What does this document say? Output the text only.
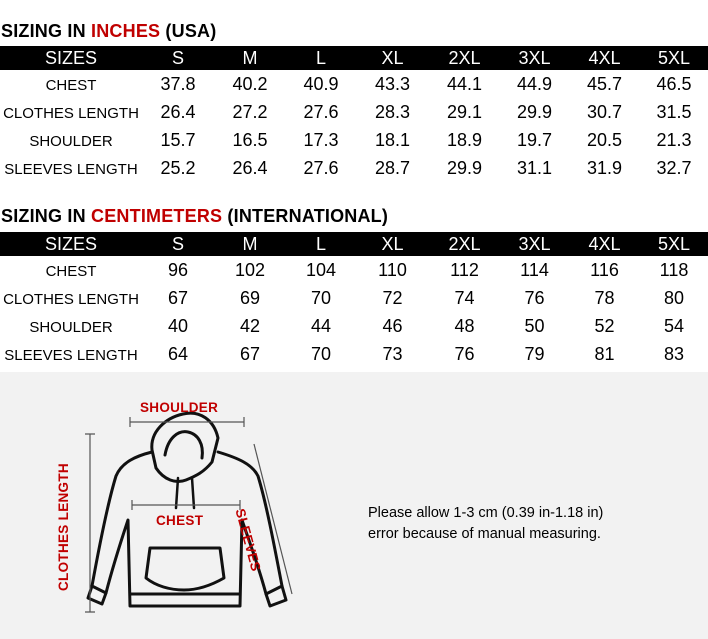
SIZING IN INCHES (USA)
SIZES	S	M	L	XL	2XL	3XL	4XL	5XL
CHEST	37.8	40.2	40.9	43.3	44.1	44.9	45.7	46.5
CLOTHES LENGTH	26.4	27.2	27.6	28.3	29.1	29.9	30.7	31.5
SHOULDER	15.7	16.5	17.3	18.1	18.9	19.7	20.5	21.3
SLEEVES LENGTH	25.2	26.4	27.6	28.7	29.9	31.1	31.9	32.7
SIZING IN CENTIMETERS (INTERNATIONAL)
SIZES	S	M	L	XL	2XL	3XL	4XL	5XL
CHEST	96	102	104	110	112	114	116	118
CLOTHES LENGTH	67	69	70	72	74	76	78	80
SHOULDER	40	42	44	46	48	50	52	54
SLEEVES LENGTH	64	67	70	73	76	79	81	83
SHOULDER
CHEST SLEEVES
CLOTHES LENGTH	Please allow 1-3 cm (0.39 in-1.18 in)
error because of manual measuring.
